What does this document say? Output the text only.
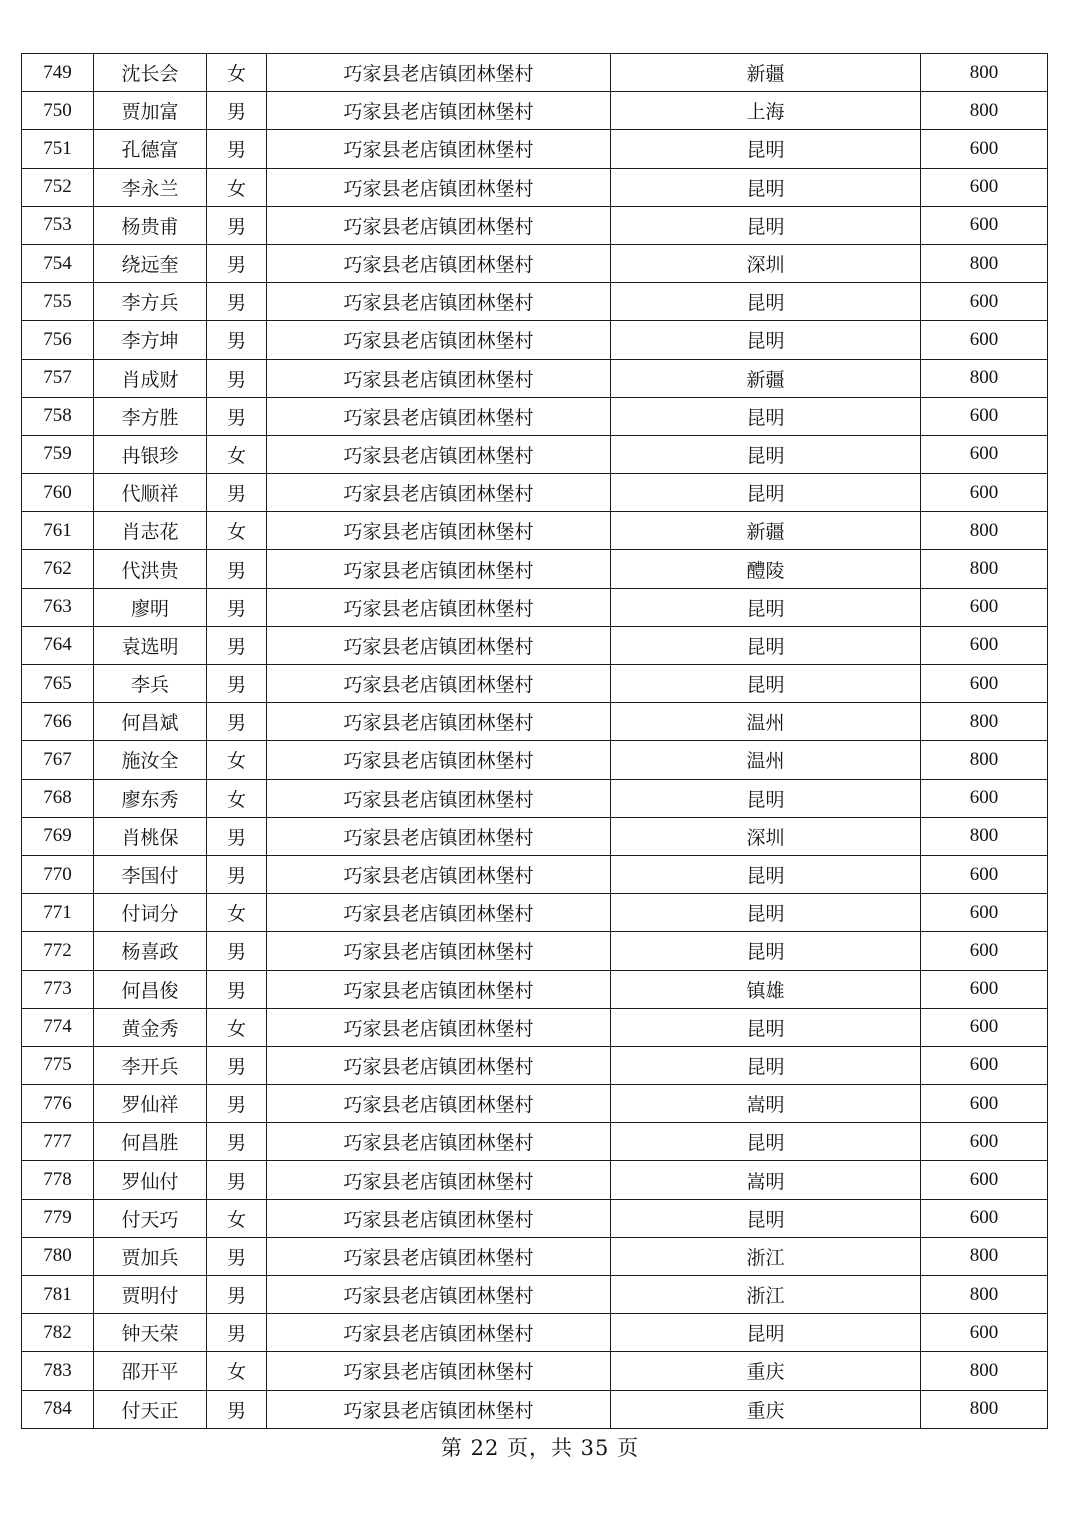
749	沈长会	女	巧家县老店镇团林堡村	新疆	800
750	贾加富	男	巧家县老店镇团林堡村	上海	800
751	孔德富	男	巧家县老店镇团林堡村	昆明	600
752	李永兰	女	巧家县老店镇团林堡村	昆明	600
753	杨贵甫	男	巧家县老店镇团林堡村	昆明	600
754	绕远奎	男	巧家县老店镇团林堡村	深圳	800
755	李方兵	男	巧家县老店镇团林堡村	昆明	600
756	李方坤	男	巧家县老店镇团林堡村	昆明	600
757	肖成财	男	巧家县老店镇团林堡村	新疆	800
758	李方胜	男	巧家县老店镇团林堡村	昆明	600
759	冉银珍	女	巧家县老店镇团林堡村	昆明	600
760	代顺祥	男	巧家县老店镇团林堡村	昆明	600
761	肖志花	女	巧家县老店镇团林堡村	新疆	800
762	代洪贵	男	巧家县老店镇团林堡村	醴陵	800
763	廖明	男	巧家县老店镇团林堡村	昆明	600
764	袁选明	男	巧家县老店镇团林堡村	昆明	600
765	李兵	男	巧家县老店镇团林堡村	昆明	600
766	何昌斌	男	巧家县老店镇团林堡村	温州	800
767	施汝全	女	巧家县老店镇团林堡村	温州	800
768	廖东秀	女	巧家县老店镇团林堡村	昆明	600
769	肖桃保	男	巧家县老店镇团林堡村	深圳	800
770	李国付	男	巧家县老店镇团林堡村	昆明	600
771	付词分	女	巧家县老店镇团林堡村	昆明	600
772	杨喜政	男	巧家县老店镇团林堡村	昆明	600
773	何昌俊	男	巧家县老店镇团林堡村	镇雄	600
774	黄金秀	女	巧家县老店镇团林堡村	昆明	600
775	李开兵	男	巧家县老店镇团林堡村	昆明	600
776	罗仙祥	男	巧家县老店镇团林堡村	嵩明	600
777	何昌胜	男	巧家县老店镇团林堡村	昆明	600
778	罗仙付	男	巧家县老店镇团林堡村	嵩明	600
779	付天巧	女	巧家县老店镇团林堡村	昆明	600
780	贾加兵	男	巧家县老店镇团林堡村	浙江	800
781	贾明付	男	巧家县老店镇团林堡村	浙江	800
782	钟天荣	男	巧家县老店镇团林堡村	昆明	600
783	邵开平	女	巧家县老店镇团林堡村	重庆	800
784	付天正	男	巧家县老店镇团林堡村	重庆	800
第 22 页，共 35 页
